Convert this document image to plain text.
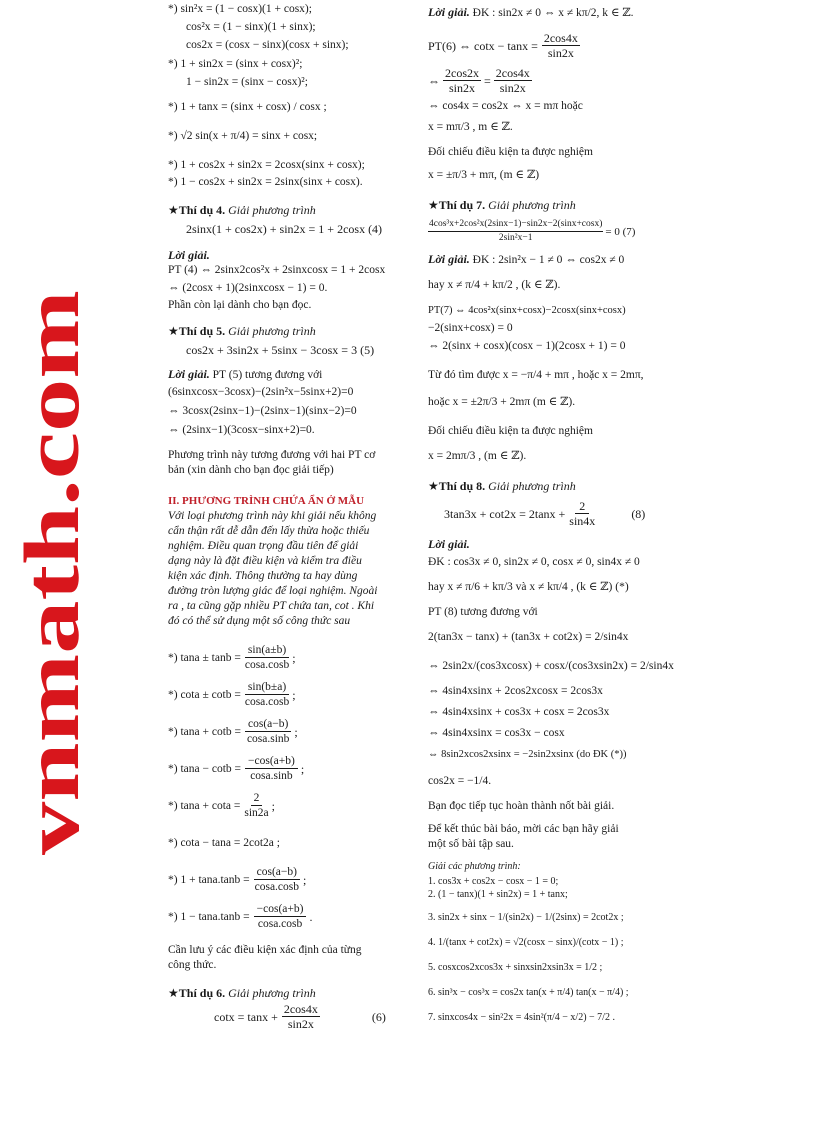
vnmath.com
*) sin²x = (1 − cosx)(1 + cosx);
cos²x = (1 − sinx)(1 + sinx);
cos2x = (cosx − sinx)(cosx + sinx);
*) 1 + sin2x = (sinx + cosx)²;
1 − sin2x = (sinx − cosx)²;
*) 1 + tanx = (sinx + cosx) / cosx ;
*) √2 sin(x + π/4) = sinx + cosx;
*) 1 + cos2x + sin2x = 2cosx(sinx + cosx);
*) 1 − cos2x + sin2x = 2sinx(sinx + cosx).
★Thí dụ 4. Giải phương trình
2sinx(1 + cos2x) + sin2x = 1 + 2cosx (4)
Lời giải.
PT (4) ⇔ 2sinx2cos²x + 2sinxcosx = 1 + 2cosx
⇔ (2cosx + 1)(2sinxcosx − 1) = 0.
Phần còn lại dành cho bạn đọc.
★Thí dụ 5. Giải phương trình
cos2x + 3sin2x + 5sinx − 3cosx = 3 (5)
Lời giải. PT (5) tương đương với
(6sinxcosx−3cosx)−(2sin²x−5sinx+2)=0
⇔ 3cosx(2sinx−1)−(2sinx−1)(sinx−2)=0
⇔ (2sinx−1)(3cosx−sinx+2)=0.
Phương trình này tương đương với hai PT cơ
bản (xin dành cho bạn đọc giải tiếp)
II. PHƯƠNG TRÌNH CHỨA ẨN Ở MẪU
Với loại phương trình này khi giải nếu không
cẩn thận rất dễ dẫn đến lấy thừa hoặc thiếu
nghiệm. Điều quan trọng đầu tiên để giải
dạng này là đặt điều kiện và kiểm tra điều
kiện xác định. Thông thường ta hay dùng
đường tròn lượng giác để loại nghiệm. Ngoài
ra , ta cũng gặp nhiều PT chứa tan, cot . Khi
đó có thể sử dụng một số công thức sau
*) $\tan a \pm \tan b = \frac{\sin(a\pm b)}{\cos a.\cos b}$ ;
*) $\cot a \pm \cot b = \frac{\sin(b\pm a)}{\cos a.\cos b}$ ;
*) $\tan a + \cot b = \frac{\cos(a-b)}{\cos a.\sin b}$ ;
*) $\tan a - \cot b = \frac{-\cos(a+b)}{\cos a.\sin b}$ ;
*) $\tan a + \cot a = \frac{2}{\sin 2a}$ ;
*) cota − tana = 2cot2a ;
*) $1 + \tan a.\tan b = \frac{\cos(a-b)}{\cos a.\cos b}$ ;
*) $1 - \tan a.\tan b = \frac{-\cos(a+b)}{\cos a.\cos b}$ .
Cần lưu ý các điều kiện xác định của từng
công thức.
★Thí dụ 6. Giải phương trình
$\cot x = \tan x + \frac{2\cos 4x}{\sin 2x}$	(6)
Lời giải. ĐK : sin2x ≠ 0 ⇔ x ≠ kπ/2, k ∈ ℤ.
PT(6) ⇔ $\cot x - \tan x = \frac{2\cos 4x}{\sin 2x}$
⇔ $\frac{2\cos 2x}{\sin 2x} = \frac{2\cos 4x}{\sin 2x}$
⇔ cos4x = cos2x ⇔ x = mπ hoặc
x = mπ/3 , m ∈ ℤ.
Đối chiếu điều kiện ta được nghiệm
x = ±π/3 + mπ, (m ∈ ℤ)
★Thí dụ 7. Giải phương trình
$\frac{\text{4cos³x+2cos²x(2sinx−1)−sin2x−2(sinx+cosx)}}{\text{2sin²x−1}} = 0$ (7)
Lời giải. ĐK : 2sin²x − 1 ≠ 0 ⇔ cos2x ≠ 0
hay x ≠ π/4 + kπ/2 , (k ∈ ℤ).
PT(7) ⇔ 4cos²x(sinx+cosx)−2cosx(sinx+cosx)
−2(sinx+cosx) = 0
⇔ 2(sinx + cosx)(cosx − 1)(2cosx + 1) = 0
Từ đó tìm được x = −π/4 + mπ , hoặc x = 2mπ,
hoặc x = ±2π/3 + 2mπ (m ∈ ℤ).
Đối chiếu điều kiện ta được nghiệm
x = 2mπ/3 , (m ∈ ℤ).
★Thí dụ 8. Giải phương trình
$3\tan 3x + \cot 2x = 2\tan x + \frac{2}{\sin 4x}$	(8)
Lời giải.
ĐK : cos3x ≠ 0, sin2x ≠ 0, cosx ≠ 0, sin4x ≠ 0
hay x ≠ π/6 + kπ/3 và x ≠ kπ/4 , (k ∈ ℤ) (*)
PT (8) tương đương với
2(tan3x − tanx) + (tan3x + cot2x) = 2/sin4x
⇔ 2sin2x/(cos3xcosx) + cosx/(cos3xsin2x) = 2/sin4x
⇔ 4sin4xsinx + 2cos2xcosx = 2cos3x
⇔ 4sin4xsinx + cos3x + cosx = 2cos3x
⇔ 4sin4xsinx = cos3x − cosx
⇔ 8sin2xcos2xsinx = −2sin2xsinx (do ĐK (*))
cos2x = −1/4.
Bạn đọc tiếp tục hoàn thành nốt bài giải.
Để kết thúc bài báo, mời các bạn hãy giải
một số bài tập sau.
Giải các phương trình:
1. cos3x + cos2x − cosx − 1 = 0;
2. (1 − tanx)(1 + sin2x) = 1 + tanx;
3. sin2x + sinx − 1/(sin2x) − 1/(2sinx) = 2cot2x ;
4. 1/(tanx + cot2x) = √2(cosx − sinx)/(cotx − 1) ;
5. cosxcos2xcos3x + sinxsin2xsin3x = 1/2 ;
6. sin³x − cos³x = cos2x tan(x + π/4) tan(x − π/4) ;
7. sinxcos4x − sin²2x = 4sin²(π/4 − x/2) − 7/2 .
